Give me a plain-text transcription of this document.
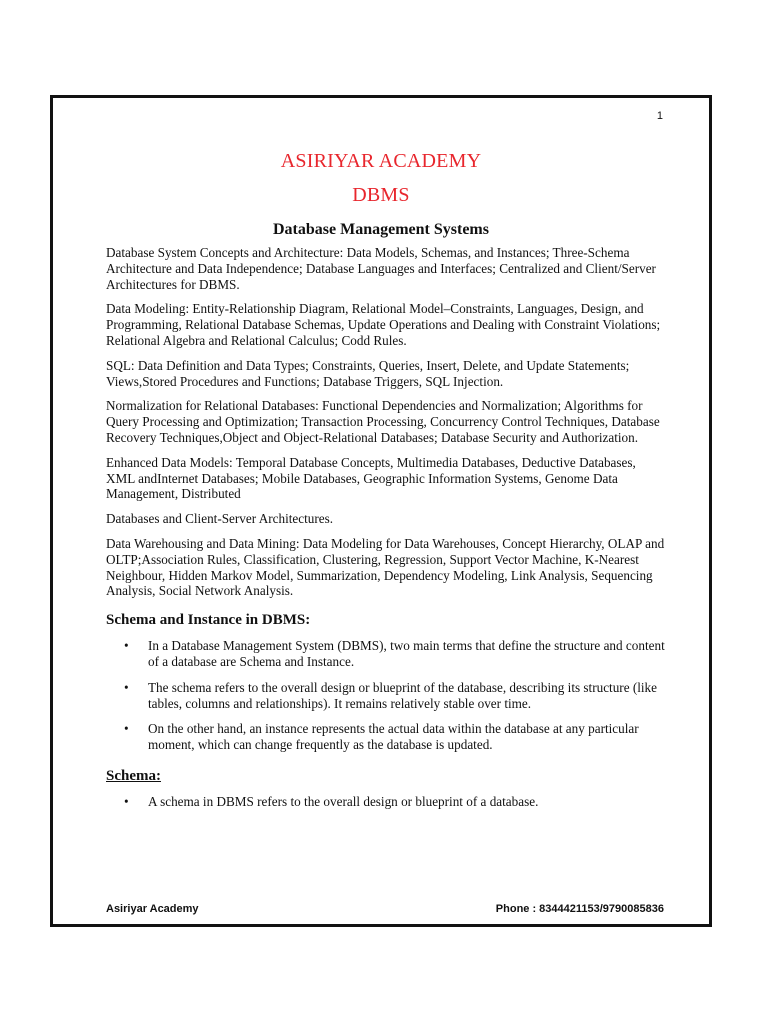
1
ASIRIYAR ACADEMY
DBMS
Database Management Systems

Database System Concepts and Architecture: Data Models, Schemas, and Instances; Three-Schema Architecture and Data Independence; Database Languages and Interfaces; Centralized and Client/Server Architectures for DBMS.

Data Modeling: Entity-Relationship Diagram, Relational Model–Constraints, Languages, Design, and Programming, Relational Database Schemas, Update Operations and Dealing with Constraint Violations; Relational Algebra and Relational Calculus; Codd Rules.

SQL: Data Definition and Data Types; Constraints, Queries, Insert, Delete, and Update Statements; Views,Stored Procedures and Functions; Database Triggers, SQL Injection.

Normalization for Relational Databases: Functional Dependencies and Normalization; Algorithms for Query Processing and Optimization; Transaction Processing, Concurrency Control Techniques, Database Recovery Techniques,Object and Object-Relational Databases; Database Security and Authorization.

Enhanced Data Models: Temporal Database Concepts, Multimedia Databases, Deductive Databases, XML andInternet Databases; Mobile Databases, Geographic Information Systems, Genome Data Management, Distributed

Databases and Client-Server Architectures.

Data Warehousing and Data Mining: Data Modeling for Data Warehouses, Concept Hierarchy, OLAP and OLTP;Association Rules, Classification, Clustering, Regression, Support Vector Machine, K-Nearest Neighbour, Hidden Markov Model, Summarization, Dependency Modeling, Link Analysis, Sequencing Analysis, Social Network Analysis.

Schema and Instance in DBMS:
• In a Database Management System (DBMS), two main terms that define the structure and content of a database are Schema and Instance.
• The schema refers to the overall design or blueprint of the database, describing its structure (like tables, columns and relationships). It remains relatively stable over time.
• On the other hand, an instance represents the actual data within the database at any particular moment, which can change frequently as the database is updated.
Schema:
• A schema in DBMS refers to the overall design or blueprint of a database.
Asiriyar Academy	Phone : 8344421153/9790085836
